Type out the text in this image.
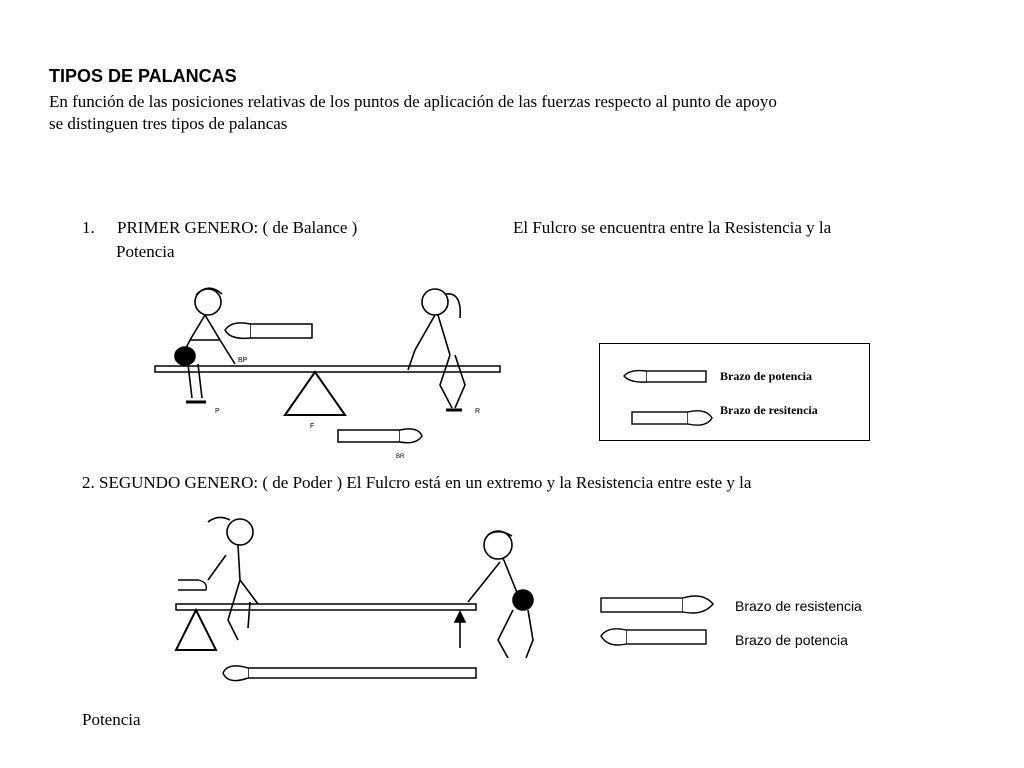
TIPOS DE PALANCAS
En función de las posiciones relativas de los puntos de aplicación de las fuerzas respecto al punto de apoyo
se distinguen tres tipos de palancas
1. PRIMER GENERO: ( de Balance )	El Fulcro se encuentra entre la Resistencia y la
Potencia
BP
P
F
R
BR
Brazo de potencia
Brazo de resitencia
2. SEGUNDO GENERO: ( de Poder ) El Fulcro está en un extremo y la Resistencia entre este y la
Brazo de resistencia
Brazo de potencia
Potencia
